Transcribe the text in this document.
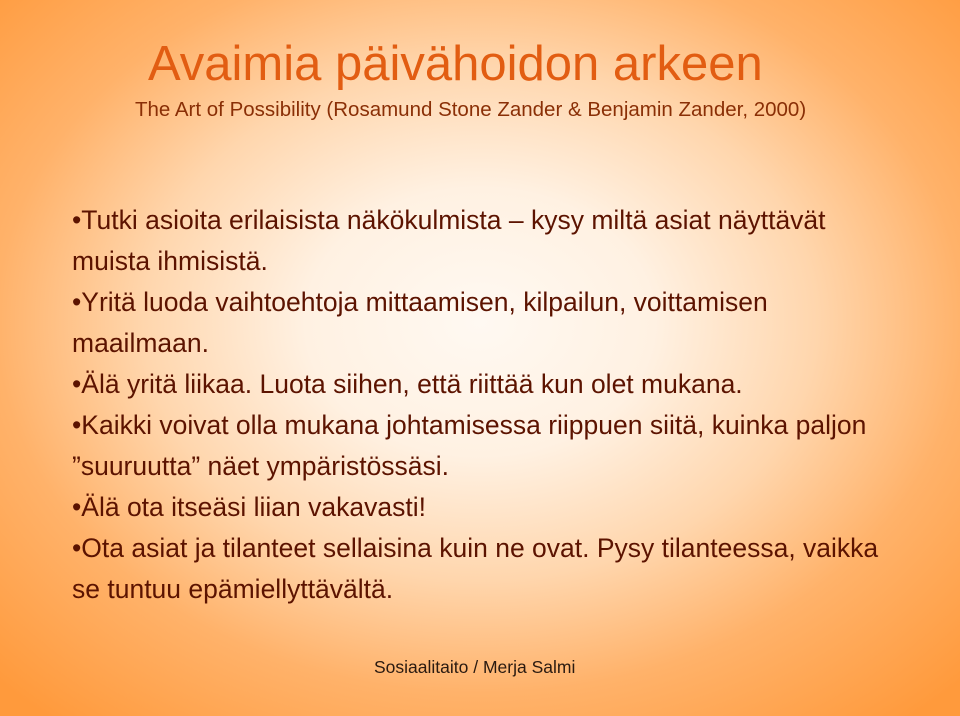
Avaimia päivähoidon arkeen

The Art of Possibility (Rosamund Stone Zander & Benjamin Zander, 2000)

•Tutki asioita erilaisista näkökulmista – kysy miltä asiat näyttävät muista ihmisistä.
•Yritä luoda vaihtoehtoja mittaamisen, kilpailun, voittamisen maailmaan.
•Älä yritä liikaa. Luota siihen, että riittää kun olet mukana.
•Kaikki voivat olla mukana johtamisessa riippuen siitä, kuinka paljon ”suuruutta” näet ympäristössäsi.
•Älä ota itseäsi liian vakavasti!
•Ota asiat ja tilanteet sellaisina kuin ne ovat. Pysy tilanteessa, vaikka se tuntuu epämiellyttävältä.

Sosiaalitaito / Merja Salmi
